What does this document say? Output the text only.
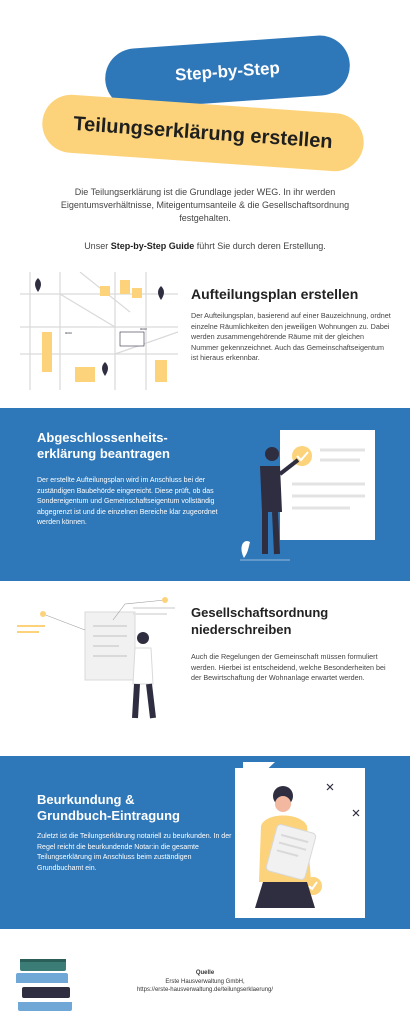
Step-by-Step
Teilungserklärung erstellen

Die Teilungserklärung ist die Grundlage jeder WEG. In ihr werden Eigentumsverhältnisse, Miteigentumsanteile & die Gesellschaftsordnung festgehalten.

Unser Step-by-Step Guide führt Sie durch deren Erstellung.

ooo
ooo
Aufteilungsplan erstellen

Der Aufteilungsplan, basierend auf einer Bauzeichnung, ordnet einzelne Räumlichkeiten den jeweiligen Wohnungen zu. Dabei werden zusammengehörende Räume mit der gleichen Nummer gekennzeichnet. Auch das Gemeinschaftseigentum ist hieraus erkennbar.

Abgeschlossenheits-
erklärung beantragen

Der erstellte Aufteilungsplan wird im Anschluss bei der zuständigen Baubehörde eingereicht. Diese prüft, ob das Sondereigentum und Gemeinschaftseigentum vollständig abgegrenzt ist und die einzelnen Bereiche klar zugeordnet werden können.

Gesellschaftsordnung
niederschreiben

Auch die Regelungen der Gemeinschaft müssen formuliert werden. Hierbei ist entscheidend, welche Besonderheiten bei der Bewirtschaftung der Wohnanlage erwartet werden.

Beurkundung &
Grundbuch-Eintragung

Zuletzt ist die Teilungserklärung notariell zu beurkunden. In der Regel reicht die beurkundende Notar:in die gesamte Teilungserklärung im Anschluss beim zuständigen Grundbuchamt ein.

Quelle
Erste Hausverwaltung GmbH,
https://erste-hausverwaltung.de/teilungserklaerung/
